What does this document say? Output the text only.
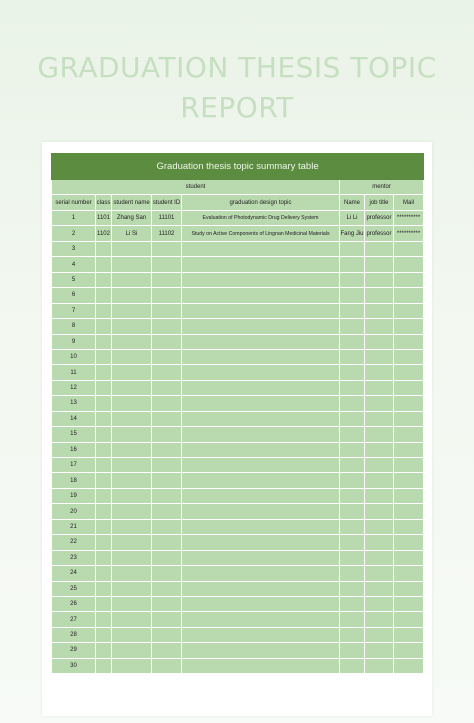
GRADUATION THESIS TOPIC
REPORT
Graduation thesis topic summary table							
student					mentor		
serial number	class	student name	student ID	graduation design topic	Name	job title	Mail
1	1101	Zhang San	11101	Evaluation of Photodynamic Drug Delivery System	Li Li	professor	**********
2	1102	Li Si	11102	Study on Active Components of Lingnan Medicinal Materials	Fang Jiu	professor	**********
3							
4							
5							
6							
7							
8							
9							
10							
11							
12							
13							
14							
15							
16							
17							
18							
19							
20							
21							
22							
23							
24							
25							
26							
27							
28							
29							
30							
